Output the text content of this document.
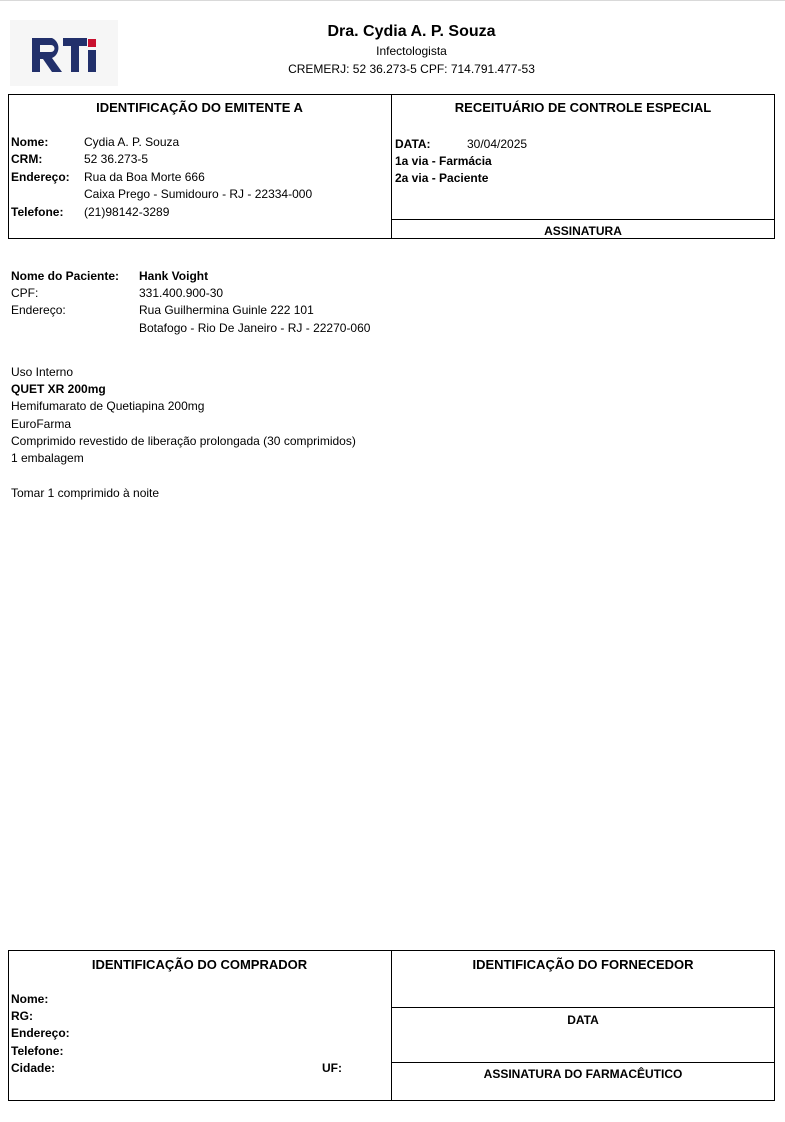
Dra. Cydia A. P. Souza
Infectologista
CREMERJ: 52 36.273-5 CPF: 714.791.477-53
IDENTIFICAÇÃO DO EMITENTE A
Nome:	Cydia A. P. Souza
CRM:	52 36.273-5
Endereço: Rua da Boa Morte 666
Caixa Prego - Sumidouro - RJ - 22334-000
Telefone: (21)98142-3289
RECEITUÁRIO DE CONTROLE ESPECIAL
DATA:	30/04/2025
1a via - Farmácia
2a via - Paciente
ASSINATURA
Nome do Paciente: Hank Voight
CPF:	331.400.900-30
Endereço:	Rua Guilhermina Guinle 222 101
Botafogo - Rio De Janeiro - RJ - 22270-060
Uso Interno
QUET XR 200mg
Hemifumarato de Quetiapina 200mg
EuroFarma
Comprimido revestido de liberação prolongada (30 comprimidos)
1 embalagem
Tomar 1 comprimido à noite
IDENTIFICAÇÃO DO COMPRADOR
Nome:
RG:
Endereço:
Telefone:
Cidade:	UF:
IDENTIFICAÇÃO DO FORNECEDOR
DATA
ASSINATURA DO FARMACÊUTICO
